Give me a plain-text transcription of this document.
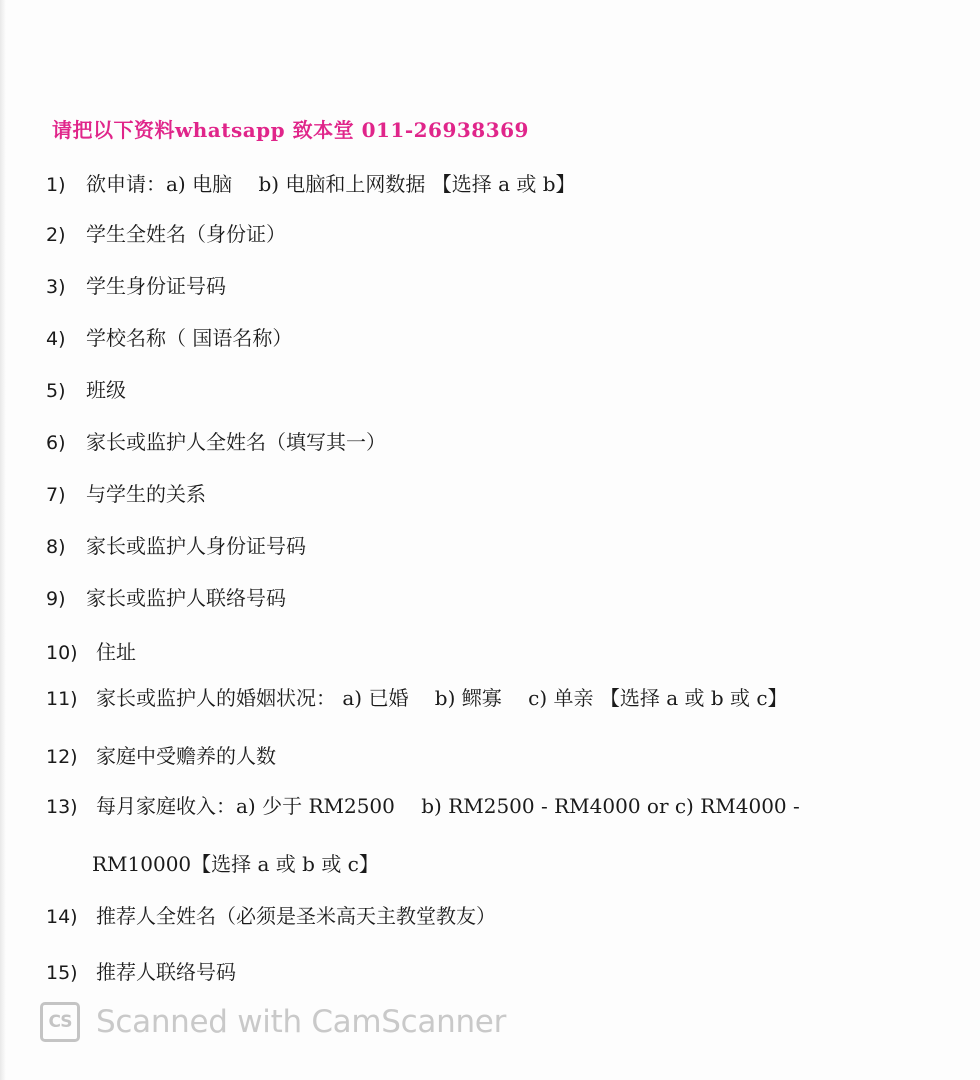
请把以下资料whatsapp 致本堂 011-26938369
1)	欲申请：a) 电脑　 b) 电脑和上网数据 【选择 a 或 b】
2)	学生全姓名（身份证）
3)	学生身份证号码
4)	学校名称（ 国语名称）
5)	班级
6)	家长或监护人全姓名（填写其一）
7)	与学生的关系
8)	家长或监护人身份证号码
9)	家长或监护人联络号码
10) 住址
11) 家长或监护人的婚姻状况： a) 已婚　 b) 鳏寡　 c) 单亲 【选择 a 或 b 或 c】
12) 家庭中受赡养的人数
13) 每月家庭收入：a) 少于 RM2500　 b) RM2500 - RM4000 or c) RM4000 -
RM10000【选择 a 或 b 或 c】
14) 推荐人全姓名（必须是圣米高天主教堂教友）
15) 推荐人联络号码
CS Scanned with CamScanner
